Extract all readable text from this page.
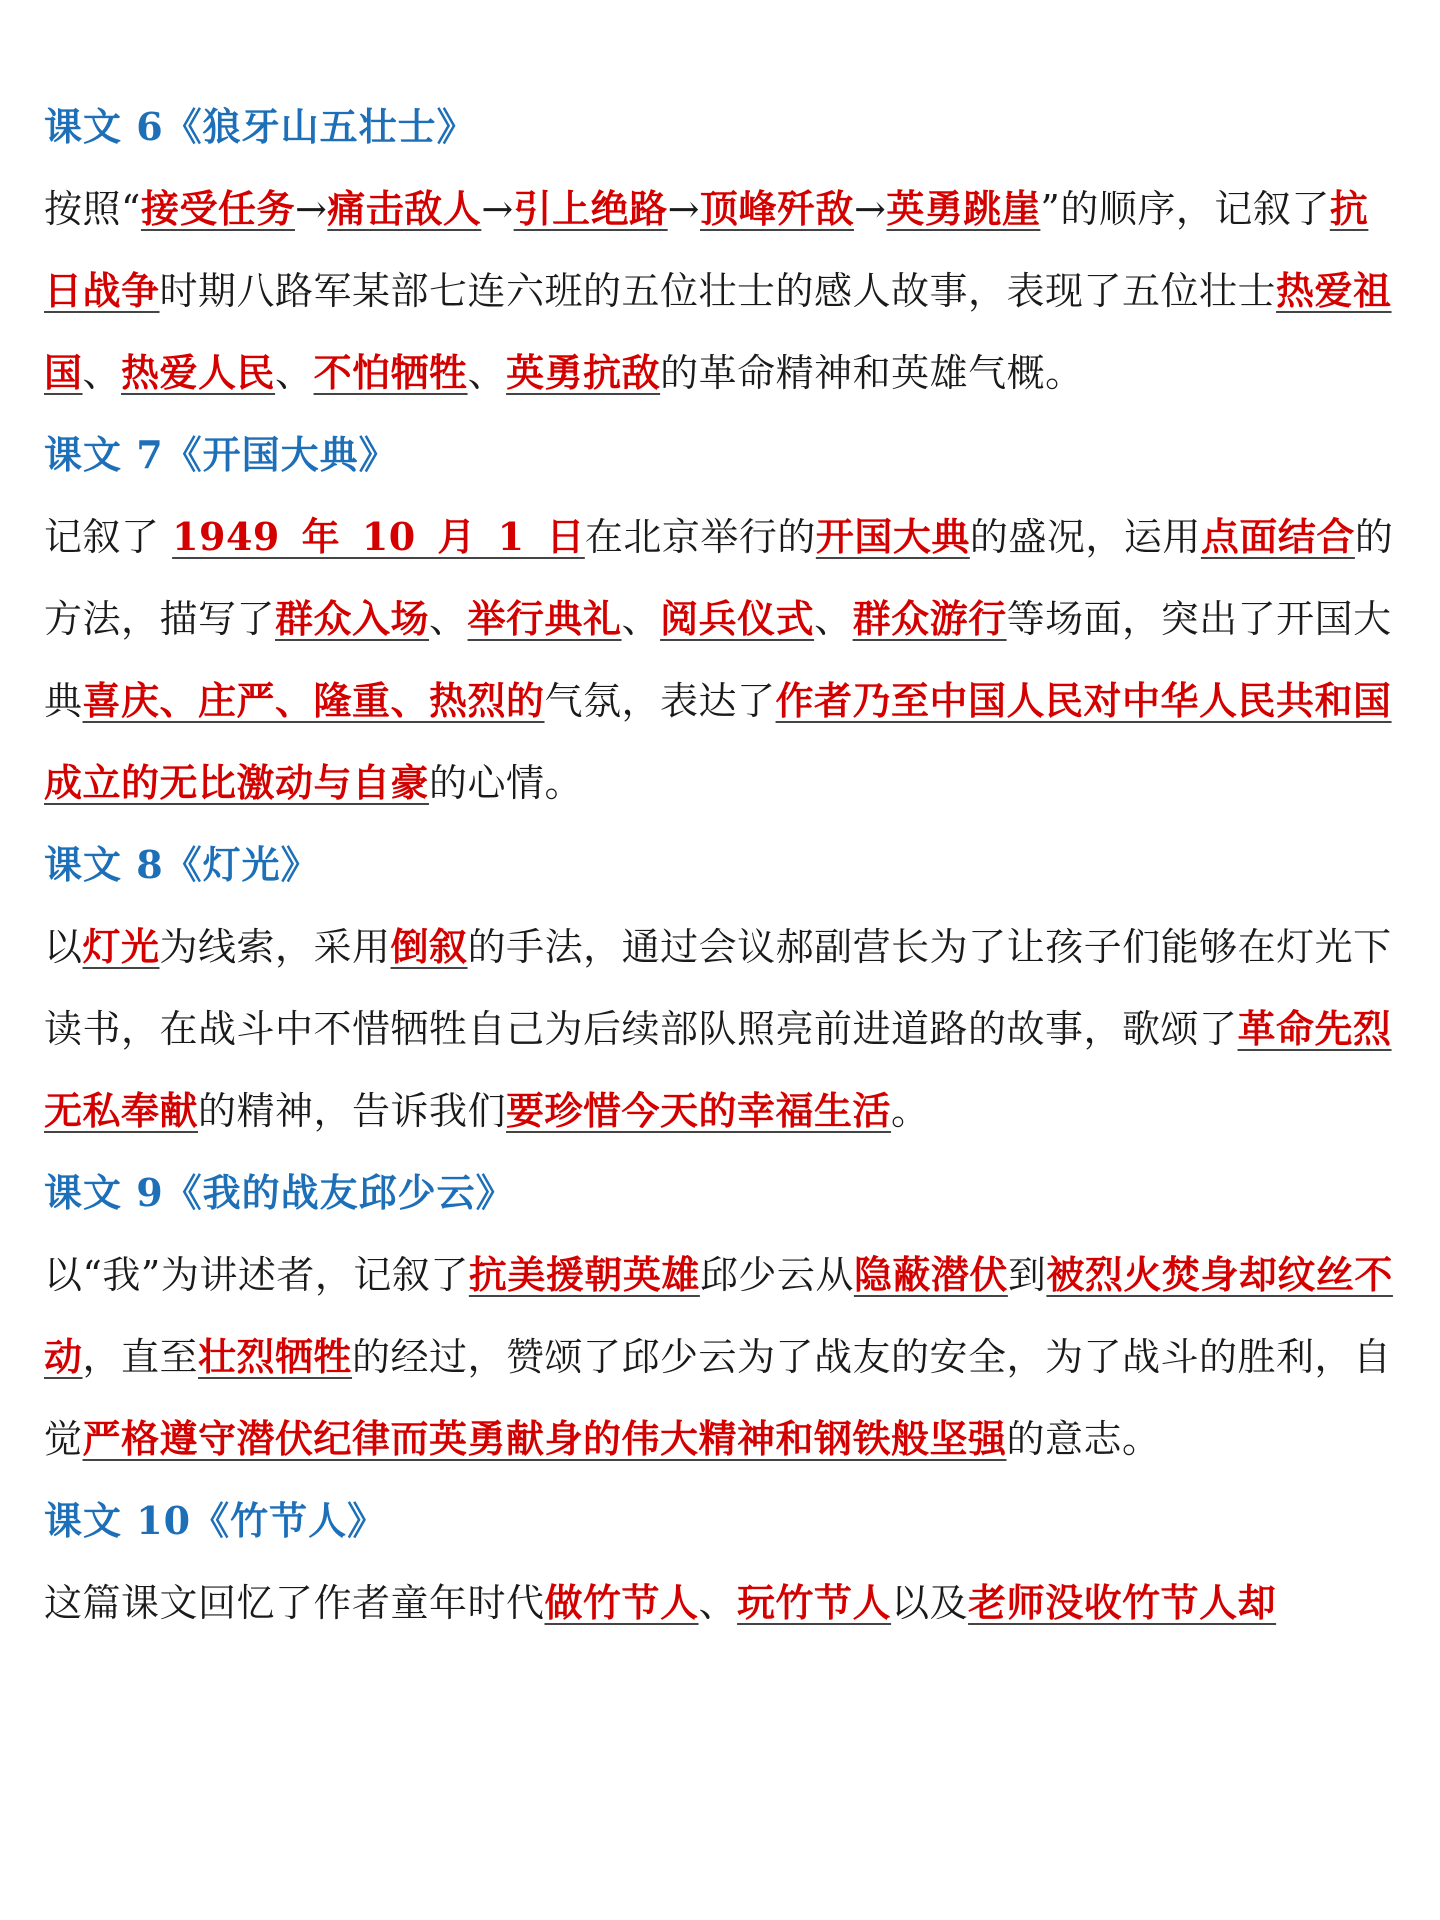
课文 6《狼牙山五壮士》

按照“接受任务→痛击敌人→引上绝路→顶峰歼敌→英勇跳崖”的顺序，记叙了抗日战争时期八路军某部七连六班的五位壮士的感人故事，表现了五位壮士热爱祖国、热爱人民、不怕牺牲、英勇抗敌的革命精神和英雄气概。

课文 7《开国大典》

记叙了 1949 年 10 月 1 日在北京举行的开国大典的盛况，运用点面结合的
方法，描写了群众入场、举行典礼、阅兵仪式、群众游行等场面，突出了开国大典喜庆、庄严、隆重、热烈的气氛，表达了作者乃至中国人民对中华人民共和国成立的无比激动与自豪的心情。

课文 8《灯光》

以灯光为线索，采用倒叙的手法，通过会议郝副营长为了让孩子们能够在灯光下读书，在战斗中不惜牺牲自己为后续部队照亮前进道路的故事，歌颂了革命先烈无私奉献的精神，告诉我们要珍惜今天的幸福生活。

课文 9《我的战友邱少云》

以“我”为讲述者，记叙了抗美援朝英雄邱少云从隐蔽潜伏到被烈火焚身却纹丝不动，直至壮烈牺牲的经过，赞颂了邱少云为了战友的安全，为了战斗的胜利，自觉严格遵守潜伏纪律而英勇献身的伟大精神和钢铁般坚强的意志。

课文 10《竹节人》

这篇课文回忆了作者童年时代做竹节人、玩竹节人以及老师没收竹节人却
